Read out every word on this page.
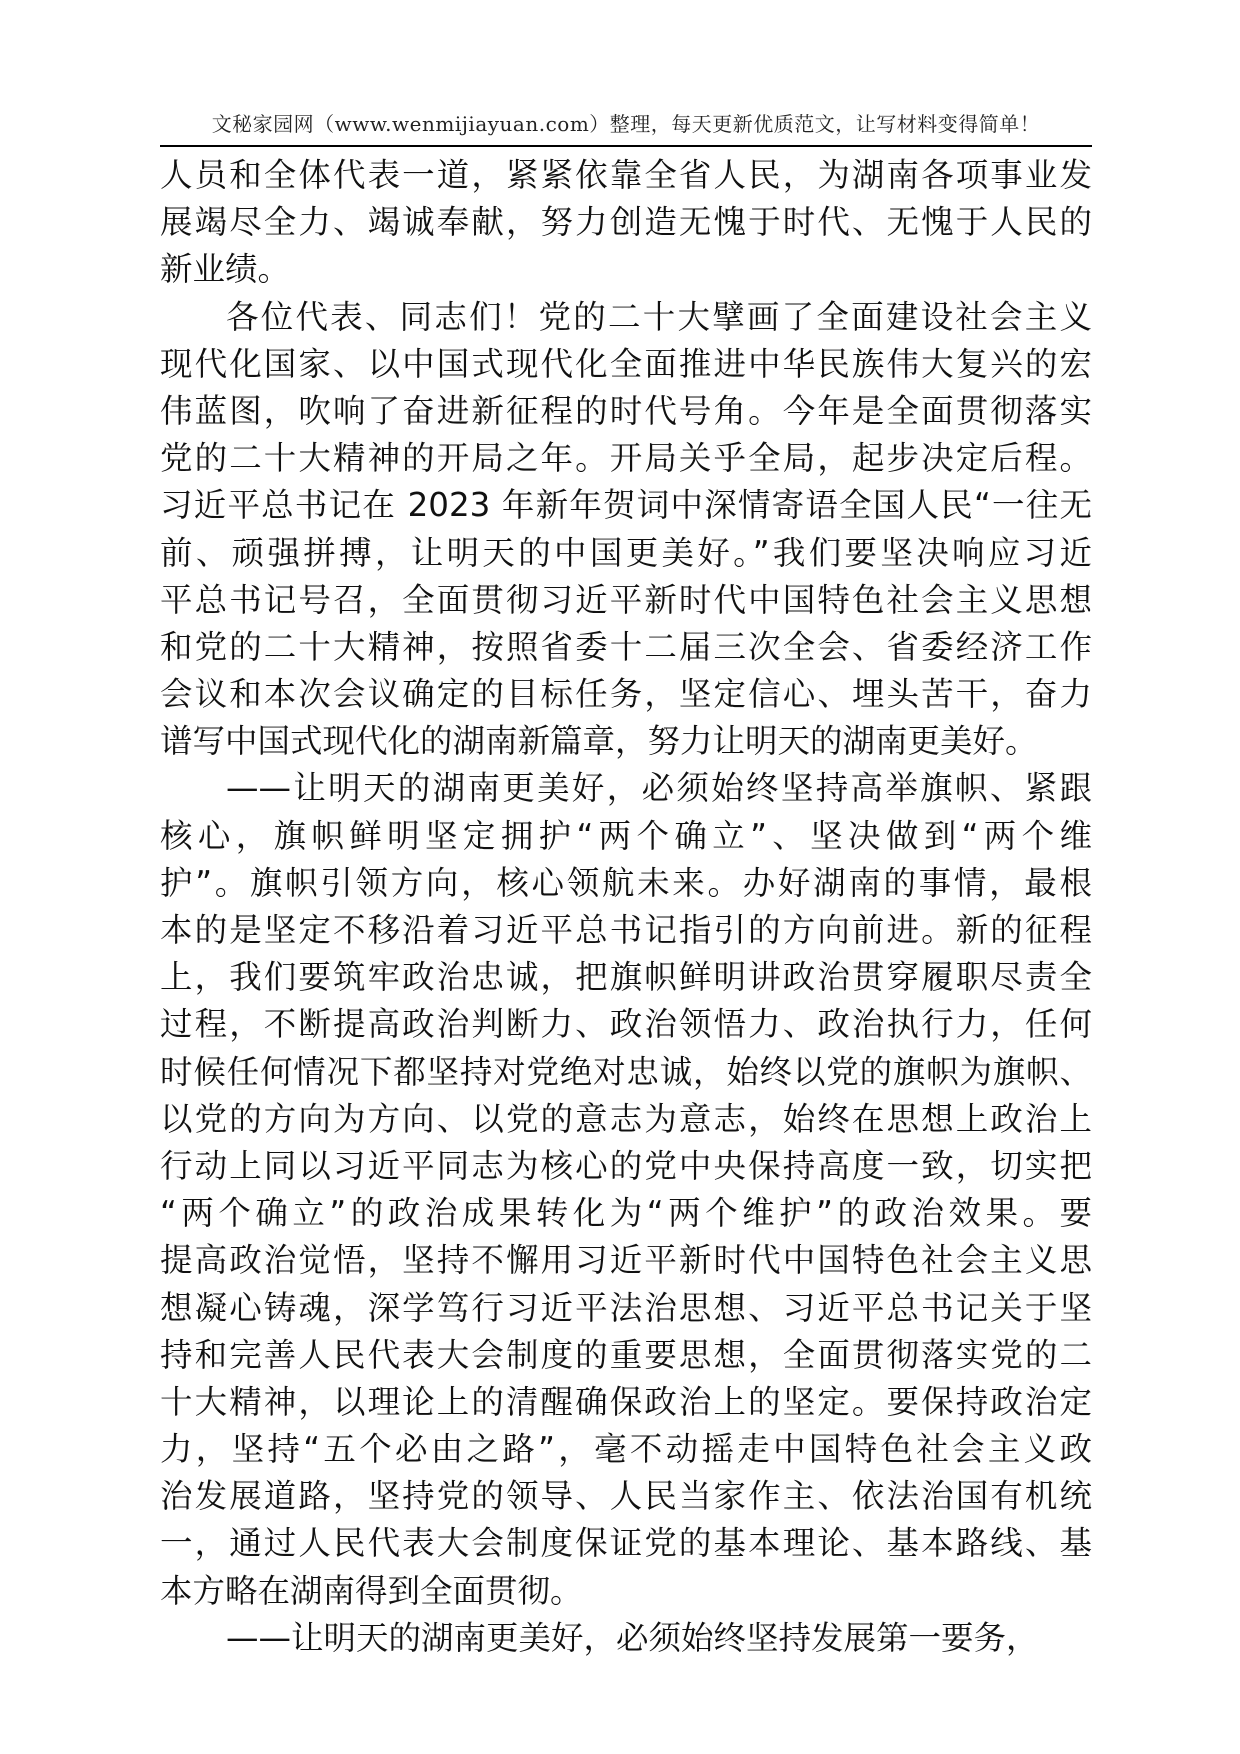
文秘家园网（www.wenmijiayuan.com）整理，每天更新优质范文，让写材料变得简单！
人员和全体代表一道，紧紧依靠全省人民，为湖南各项事业发
展竭尽全力、竭诚奉献，努力创造无愧于时代、无愧于人民的
新业绩。
各位代表、同志们！党的二十大擘画了全面建设社会主义
现代化国家、以中国式现代化全面推进中华民族伟大复兴的宏
伟蓝图，吹响了奋进新征程的时代号角。今年是全面贯彻落实
党的二十大精神的开局之年。开局关乎全局，起步决定后程。
习近平总书记在 2023 年新年贺词中深情寄语全国人民“一往无
前、顽强拼搏，让明天的中国更美好。”我们要坚决响应习近
平总书记号召，全面贯彻习近平新时代中国特色社会主义思想
和党的二十大精神，按照省委十二届三次全会、省委经济工作
会议和本次会议确定的目标任务，坚定信心、埋头苦干，奋力
谱写中国式现代化的湖南新篇章，努力让明天的湖南更美好。
——让明天的湖南更美好，必须始终坚持高举旗帜、紧跟
核心，旗帜鲜明坚定拥护“两个确立”、坚决做到“两个维
护”。旗帜引领方向，核心领航未来。办好湖南的事情，最根
本的是坚定不移沿着习近平总书记指引的方向前进。新的征程
上，我们要筑牢政治忠诚，把旗帜鲜明讲政治贯穿履职尽责全
过程，不断提高政治判断力、政治领悟力、政治执行力，任何
时候任何情况下都坚持对党绝对忠诚，始终以党的旗帜为旗帜、
以党的方向为方向、以党的意志为意志，始终在思想上政治上
行动上同以习近平同志为核心的党中央保持高度一致，切实把
“两个确立”的政治成果转化为“两个维护”的政治效果。要
提高政治觉悟，坚持不懈用习近平新时代中国特色社会主义思
想凝心铸魂，深学笃行习近平法治思想、习近平总书记关于坚
持和完善人民代表大会制度的重要思想，全面贯彻落实党的二
十大精神，以理论上的清醒确保政治上的坚定。要保持政治定
力，坚持“五个必由之路”，毫不动摇走中国特色社会主义政
治发展道路，坚持党的领导、人民当家作主、依法治国有机统
一，通过人民代表大会制度保证党的基本理论、基本路线、基
本方略在湖南得到全面贯彻。
——让明天的湖南更美好，必须始终坚持发展第一要务，
